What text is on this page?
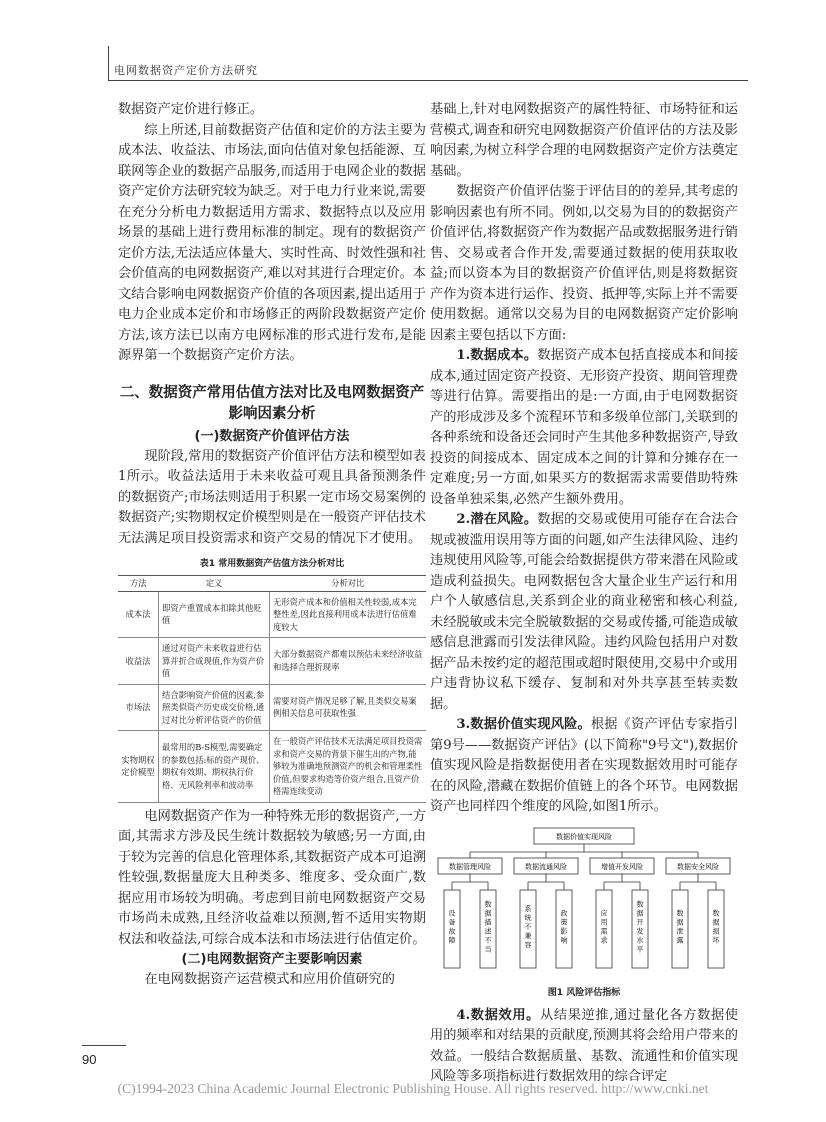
电网数据资产定价方法研究

数据资产定价进行修正。

综上所述,目前数据资产估值和定价的方法主要为成本法、收益法、市场法,面向估值对象包括能源、互联网等企业的数据产品服务,而适用于电网企业的数据资产定价方法研究较为缺乏。对于电力行业来说,需要在充分分析电力数据适用方需求、数据特点以及应用场景的基础上进行费用标准的制定。现有的数据资产定价方法,无法适应体量大、实时性高、时效性强和社会价值高的电网数据资产,难以对其进行合理定价。本文结合影响电网数据资产价值的各项因素,提出适用于电力企业成本定价和市场修正的两阶段数据资产定价方法,该方法已以南方电网标准的形式进行发布,是能源界第一个数据资产定价方法。

二、数据资产常用估值方法对比及电网数据资产影响因素分析
(一)数据资产价值评估方法

现阶段,常用的数据资产价值评估方法和模型如表1所示。收益法适用于未来收益可观且具备预测条件的数据资产;市场法则适用于积累一定市场交易案例的数据资产;实物期权定价模型则是在一般资产评估技术无法满足项目投资需求和资产交易的情况下才使用。

表1 常用数据资产估值方法分析对比
方法	定义	分析对比
成本法	即资产重置成本扣除其他贬值	无形资产成本和价值相关性较弱,成本完整性差,因此直接利用成本法进行估值难度较大
收益法	通过对资产未来收益进行估算并折合成现值,作为资产价值	大部分数据资产都难以预估未来经济收益和选择合理折现率
市场法	结合影响资产价值的因素,参照类似资产历史成交价格,通过对比分析评估资产的价值	需要对资产情况足够了解,且类似交易案例相关信息可获取性强
实物期权定价模型	最常用的B-S模型,需要确定的参数包括:标的资产现价、期权有效期、期权执行价格、无风险利率和波动率	在一般资产评估技术无法满足项目投资需求和资产交易的背景下催生出的产物,能够较为准确地预测资产的机会和管理柔性价值,但要求构造等价资产组合,且资产价格需连续变动

电网数据资产作为一种特殊无形的数据资产,一方面,其需求方涉及民生统计数据较为敏感;另一方面,由于较为完善的信息化管理体系,其数据资产成本可追溯性较强,数据量庞大且种类多、维度多、受众面广,数据应用市场较为明确。考虑到目前电网数据资产交易市场尚未成熟,且经济收益难以预测,暂不适用实物期权法和收益法,可综合成本法和市场法进行估值定价。

(二)电网数据资产主要影响因素

在电网数据资产运营模式和应用价值研究的

基础上,针对电网数据资产的属性特征、市场特征和运营模式,调查和研究电网数据资产价值评估的方法及影响因素,为树立科学合理的电网数据资产定价方法奠定基础。

数据资产价值评估鉴于评估目的的差异,其考虑的影响因素也有所不同。例如,以交易为目的的数据资产价值评估,将数据资产作为数据产品或数据服务进行销售、交易或者合作开发,需要通过数据的使用获取收益;而以资本为目的数据资产价值评估,则是将数据资产作为资本进行运作、投资、抵押等,实际上并不需要使用数据。通常以交易为目的电网数据资产定价影响因素主要包括以下方面:

1.数据成本。数据资产成本包括直接成本和间接成本,通过固定资产投资、无形资产投资、期间管理费等进行估算。需要指出的是:一方面,由于电网数据资产的形成涉及多个流程环节和多级单位部门,关联到的各种系统和设备还会同时产生其他多种数据资产,导致投资的间接成本、固定成本之间的计算和分摊存在一定难度;另一方面,如果买方的数据需求需要借助特殊设备单独采集,必然产生额外费用。

2.潜在风险。数据的交易或使用可能存在合法合规或被滥用误用等方面的问题,如产生法律风险、违约违规使用风险等,可能会给数据提供方带来潜在风险或造成利益损失。电网数据包含大量企业生产运行和用户个人敏感信息,关系到企业的商业秘密和核心利益,未经脱敏或未完全脱敏数据的交易或传播,可能造成敏感信息泄露而引发法律风险。违约风险包括用户对数据产品未按约定的超范围或超时限使用,交易中介或用户违背协议私下缓存、复制和对外共享甚至转卖数据。

3.数据价值实现风险。根据《资产评估专家指引第9号——数据资产评估》(以下简称"9号文"),数据价值实现风险是指数据使用者在实现数据效用时可能存在的风险,潜藏在数据价值链上的各个环节。电网数据资产也同样四个维度的风险,如图1所示。

数据价值实现风险
数据管理风险	数据流通风险	增值开发风险	数据安全风险
设备故障
数据描述不当
系统不兼容
政策影响
应用需求
数据开发水平
数据泄露
数据损坏
图1 风险评估指标

4.数据效用。从结果逆推,通过量化各方数据使用的频率和对结果的贡献度,预测其将会给用户带来的效益。一般结合数据质量、基数、流通性和价值实现风险等多项指标进行数据效用的综合评定

90
(C)1994-2023 China Academic Journal Electronic Publishing House. All rights reserved. http://www.cnki.net
